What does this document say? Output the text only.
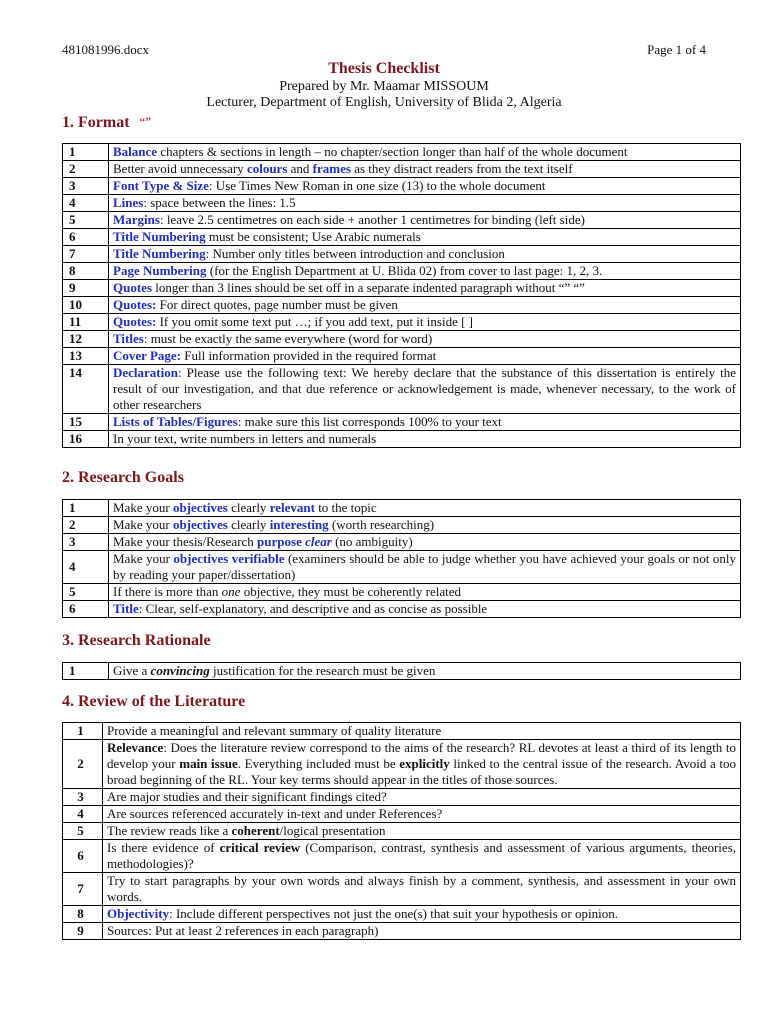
481081996.docx	Page 1 of 4
Thesis Checklist
Prepared by Mr. Maamar MISSOUM
Lecturer, Department of English, University of Blida 2, Algeria
1. Format “”
1	Balance chapters & sections in length – no chapter/section longer than half of the whole document
2	Better avoid unnecessary colours and frames as they distract readers from the text itself
3	Font Type & Size: Use Times New Roman in one size (13) to the whole document
4	Lines: space between the lines: 1.5
5	Margins: leave 2.5 centimetres on each side + another 1 centimetres for binding (left side)
6	Title Numbering must be consistent; Use Arabic numerals
7	Title Numbering: Number only titles between introduction and conclusion
8	Page Numbering (for the English Department at U. Blida 02) from cover to last page: 1, 2, 3.
9	Quotes longer than 3 lines should be set off in a separate indented paragraph without “” “”
10	Quotes: For direct quotes, page number must be given
11	Quotes: If you omit some text put …; if you add text, put it inside [ ]
12	Titles: must be exactly the same everywhere (word for word)
13	Cover Page: Full information provided in the required format
14	Declaration: Please use the following text: We hereby declare that the substance of this dissertation is entirely the result of our investigation, and that due reference or acknowledgement is made, whenever necessary, to the work of other researchers
15	Lists of Tables/Figures: make sure this list corresponds 100% to your text
16	In your text, write numbers in letters and numerals
2. Research Goals
1	Make your objectives clearly relevant to the topic
2	Make your objectives clearly interesting (worth researching)
3	Make your thesis/Research purpose clear (no ambiguity)
4	Make your objectives verifiable (examiners should be able to judge whether you have achieved your goals or not only by reading your paper/dissertation)
5	If there is more than one objective, they must be coherently related
6	Title: Clear, self-explanatory, and descriptive and as concise as possible
3. Research Rationale
1	Give a convincing justification for the research must be given
4. Review of the Literature
1	Provide a meaningful and relevant summary of quality literature
2	Relevance: Does the literature review correspond to the aims of the research? RL devotes at least a third of its length to develop your main issue. Everything included must be explicitly linked to the central issue of the research. Avoid a too broad beginning of the RL. Your key terms should appear in the titles of those sources.
3	Are major studies and their significant findings cited?
4	Are sources referenced accurately in-text and under References?
5	The review reads like a coherent/logical presentation
6	Is there evidence of critical review (Comparison, contrast, synthesis and assessment of various arguments, theories, methodologies)?
7	Try to start paragraphs by your own words and always finish by a comment, synthesis, and assessment in your own words.
8	Objectivity: Include different perspectives not just the one(s) that suit your hypothesis or opinion.
9	Sources: Put at least 2 references in each paragraph)
